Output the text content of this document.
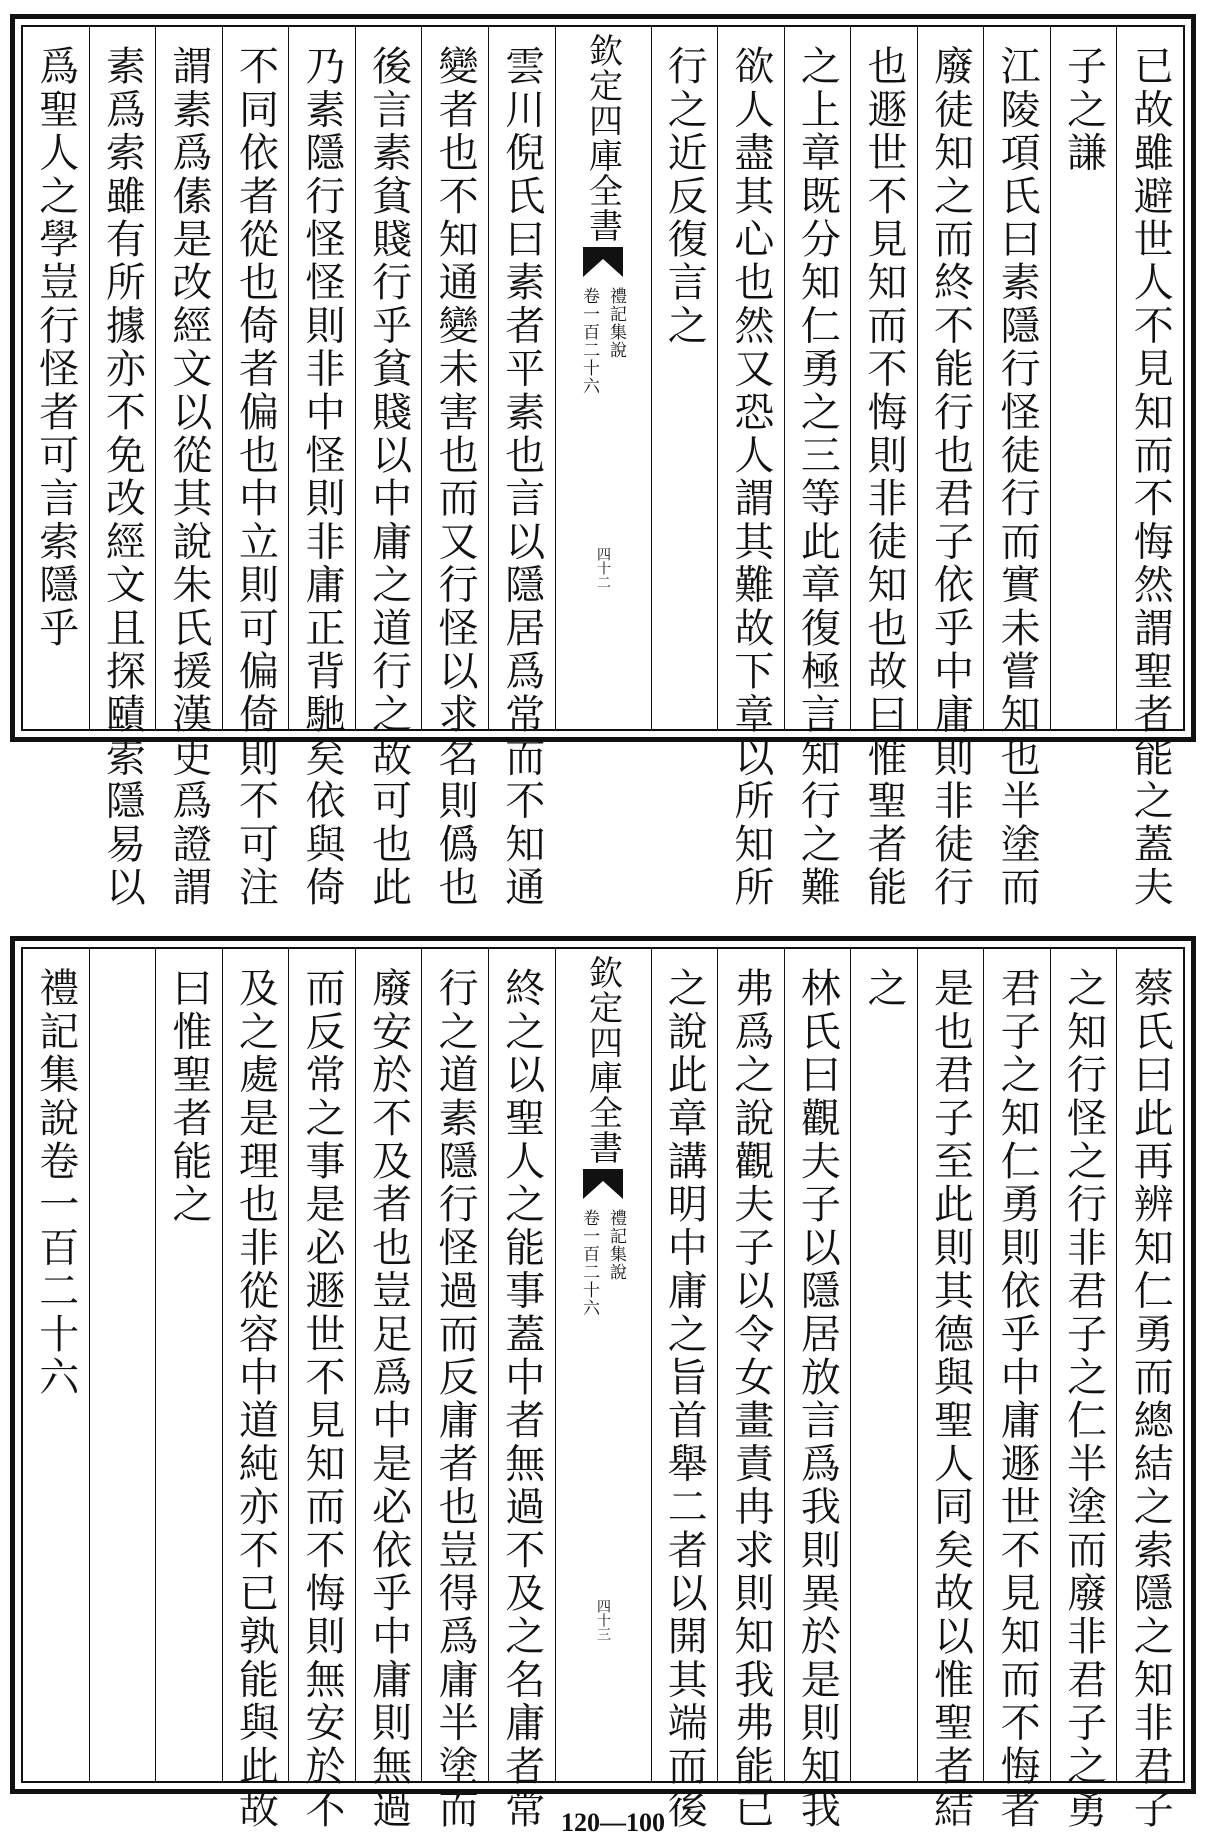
已故雖避世人不見知而不悔然謂聖者能之蓋夫
子之謙
江陵項氏曰素隱行怪徒行而實未嘗知也半塗而
廢徒知之而終不能行也君子依乎中庸則非徒行
也遯世不見知而不悔則非徒知也故曰惟聖者能
之上章既分知仁勇之三等此章復極言知行之難
欲人盡其心也然又恐人謂其難故下章以所知所
行之近反復言之
欽定四庫全書
禮記集說
卷一百二十六
四十二
雲川倪氏曰素者平素也言以隱居爲常而不知通
變者也不知通變未害也而又行怪以求名則僞也
後言素貧賤行乎貧賤以中庸之道行之故可也此
乃素隱行怪怪則非中怪則非庸正背馳矣依與倚
不同依者從也倚者偏也中立則可偏倚則不可注
謂素爲傃是改經文以從其說朱氏援漢史爲證謂
素爲索雖有所據亦不免改經文且探賾索隱易以
爲聖人之學豈行怪者可言索隱乎
蔡氏曰此再辨知仁勇而總結之索隱之知非君子
之知行怪之行非君子之仁半塗而廢非君子之勇
君子之知仁勇則依乎中庸遯世不見知而不悔者
是也君子至此則其德與聖人同矣故以惟聖者結
之
林氏曰觀夫子以隱居放言爲我則異於是則知我
弗爲之說觀夫子以令女畫責冉求則知我弗能已
之說此章講明中庸之旨首舉二者以開其端而後
欽定四庫全書
禮記集說
卷一百二十六
四十三
終之以聖人之能事蓋中者無過不及之名庸者常
行之道素隱行怪過而反庸者也豈得爲庸半塗而
廢安於不及者也豈足爲中是必依乎中庸則無過
而反常之事是必遯世不見知而不悔則無安於不
及之處是理也非從容中道純亦不已孰能與此故
曰惟聖者能之
禮記集說卷一百二十六
120—100
